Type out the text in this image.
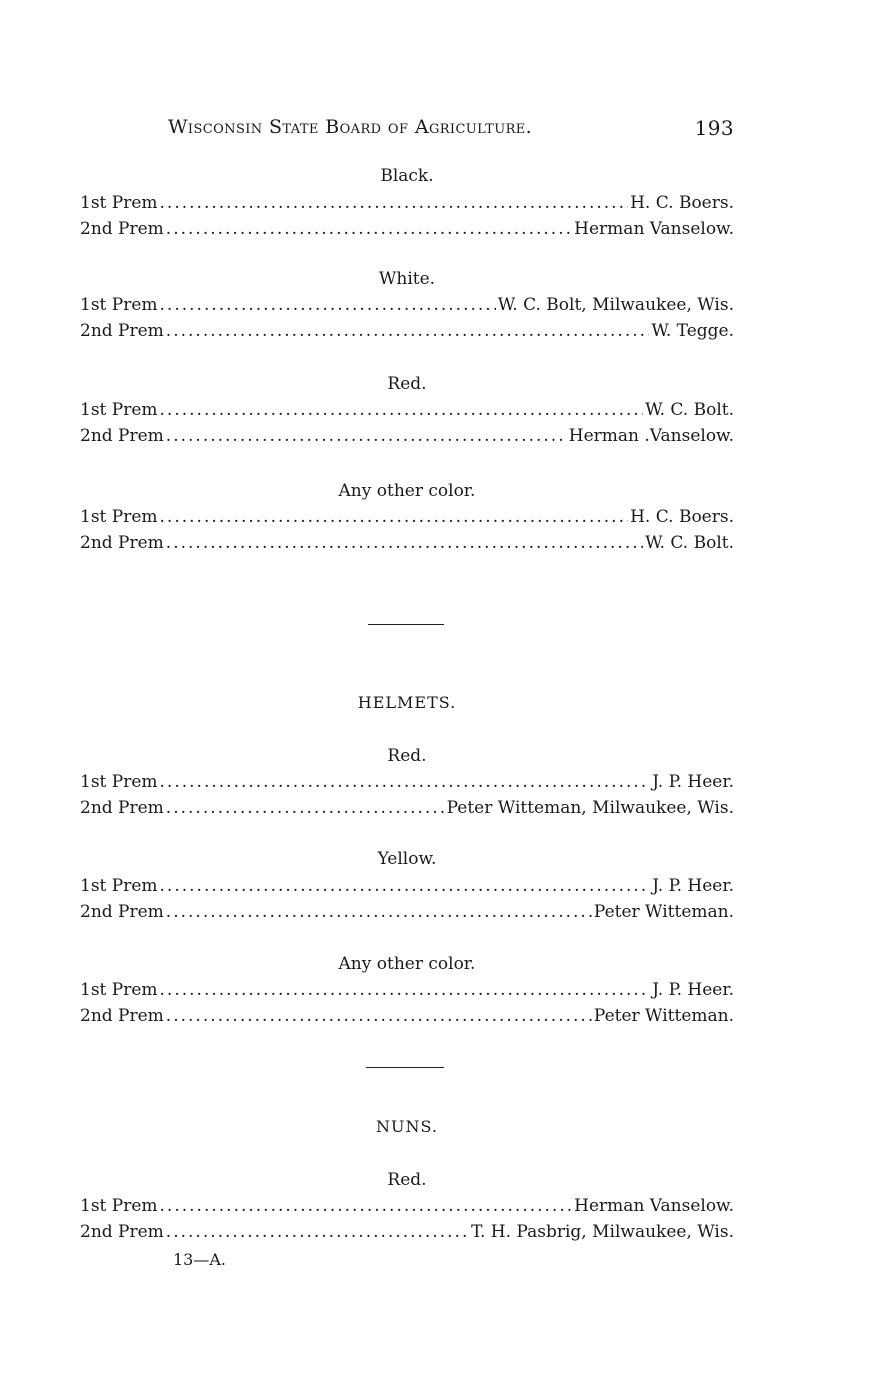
Wisconsin State Board of Agriculture.	193
Black.
1st Prem .....	H. C. Boers.
2nd Prem .....	Herman Vanselow.
White.
1st Prem .....	W. C. Bolt, Milwaukee, Wis.
2nd Prem .....	W. Tegge.
Red.
1st Prem .....	W. C. Bolt.
2nd Prem .....	Herman .Vanselow.
Any other color.
1st Prem .....	H. C. Boers.
2nd Prem .....	W. C. Bolt.
HELMETS.
Red.
1st Prem .....	J. P. Heer.
2nd Prem .....	Peter Witteman, Milwaukee, Wis.
Yellow.
1st Prem .....	J. P. Heer.
2nd Prem .....	Peter Witteman.
Any other color.
1st Prem .....	J. P. Heer.
2nd Prem .....	Peter Witteman.
NUNS.
Red.
1st Prem .....	Herman Vanselow.
2nd Prem .....	T. H. Pasbrig, Milwaukee, Wis.
13—A.
